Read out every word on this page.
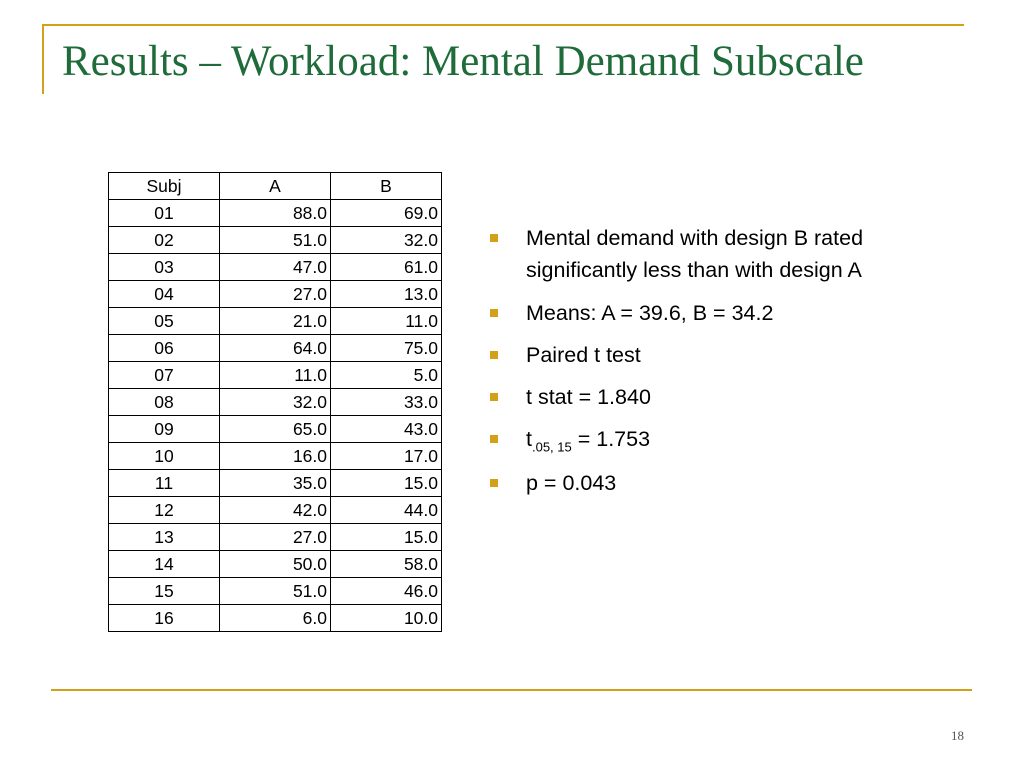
Results – Workload: Mental Demand Subscale
Subj	A	B
01	88.0	69.0
02	51.0	32.0
03	47.0	61.0
04	27.0	13.0
05	21.0	11.0
06	64.0	75.0
07	11.0	5.0
08	32.0	33.0
09	65.0	43.0
10	16.0	17.0
11	35.0	15.0
12	42.0	44.0
13	27.0	15.0
14	50.0	58.0
15	51.0	46.0
16	6.0	10.0
Mental demand with design B rated significantly less than with design A
Means: A = 39.6, B = 34.2
Paired t test
t stat = 1.840
$t_{.05, 15} = 1.753$
p = 0.043
18
